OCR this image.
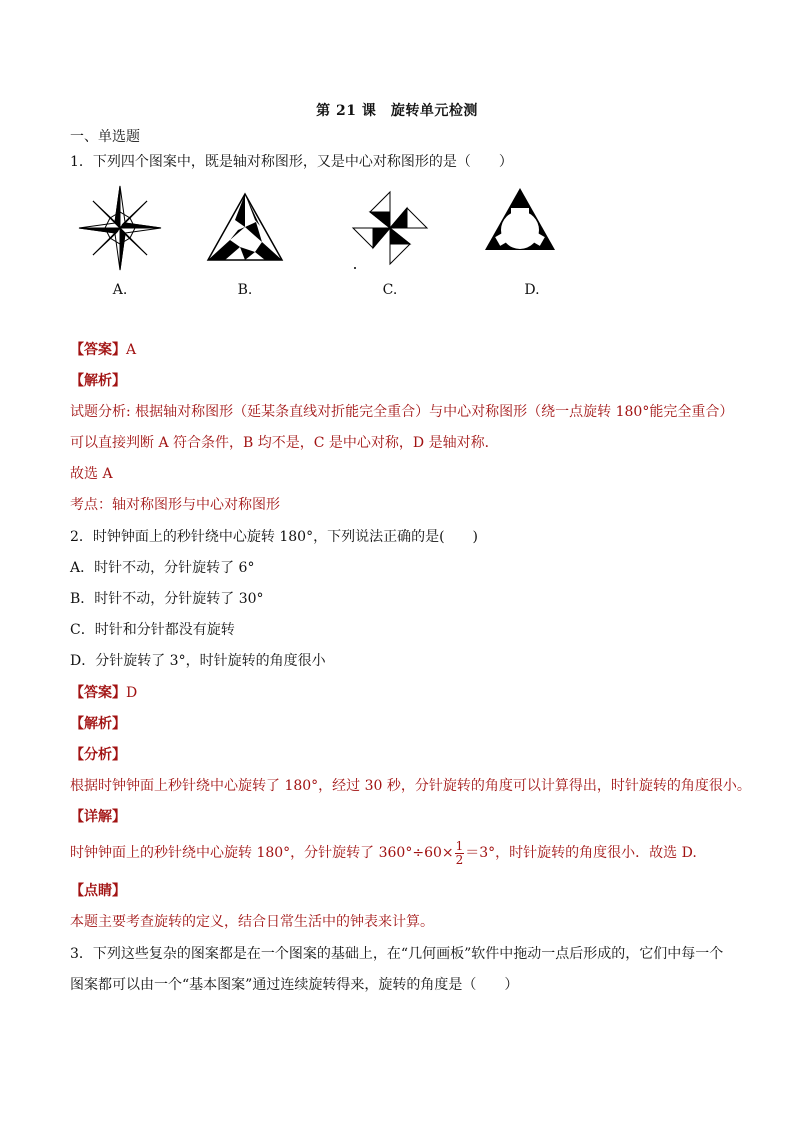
第 21 课　旋转单元检测
一、单选题
1．下列四个图案中，既是轴对称图形，又是中心对称图形的是（　　）
A.	B.	C.	D.
【答案】A
【解析】
试题分析: 根据轴对称图形（延某条直线对折能完全重合）与中心对称图形（绕一点旋转 180°能完全重合）
可以直接判断 A 符合条件，B 均不是，C 是中心对称，D 是轴对称．
故选 A
考点：轴对称图形与中心对称图形
2．时钟钟面上的秒针绕中心旋转 180°，下列说法正确的是(　　)
A．时针不动，分针旋转了 6°
B．时针不动，分针旋转了 30°
C．时针和分针都没有旋转
D．分针旋转了 3°，时针旋转的角度很小
【答案】D
【解析】
【分析】
根据时钟钟面上秒针绕中心旋转了 180°，经过 30 秒，分针旋转的角度可以计算得出，时针旋转的角度很小。
【详解】
时钟钟面上的秒针绕中心旋转 180°，分针旋转了 $360^\circ\div 60\times \frac{1}{2} =3^\circ$，时针旋转的角度很小．故选 D.
【点睛】
本题主要考查旋转的定义，结合日常生活中的钟表来计算。
3．下列这些复杂的图案都是在一个图案的基础上，在“几何画板”软件中拖动一点后形成的，它们中每一个
图案都可以由一个“基本图案”通过连续旋转得来，旋转的角度是（　　）
